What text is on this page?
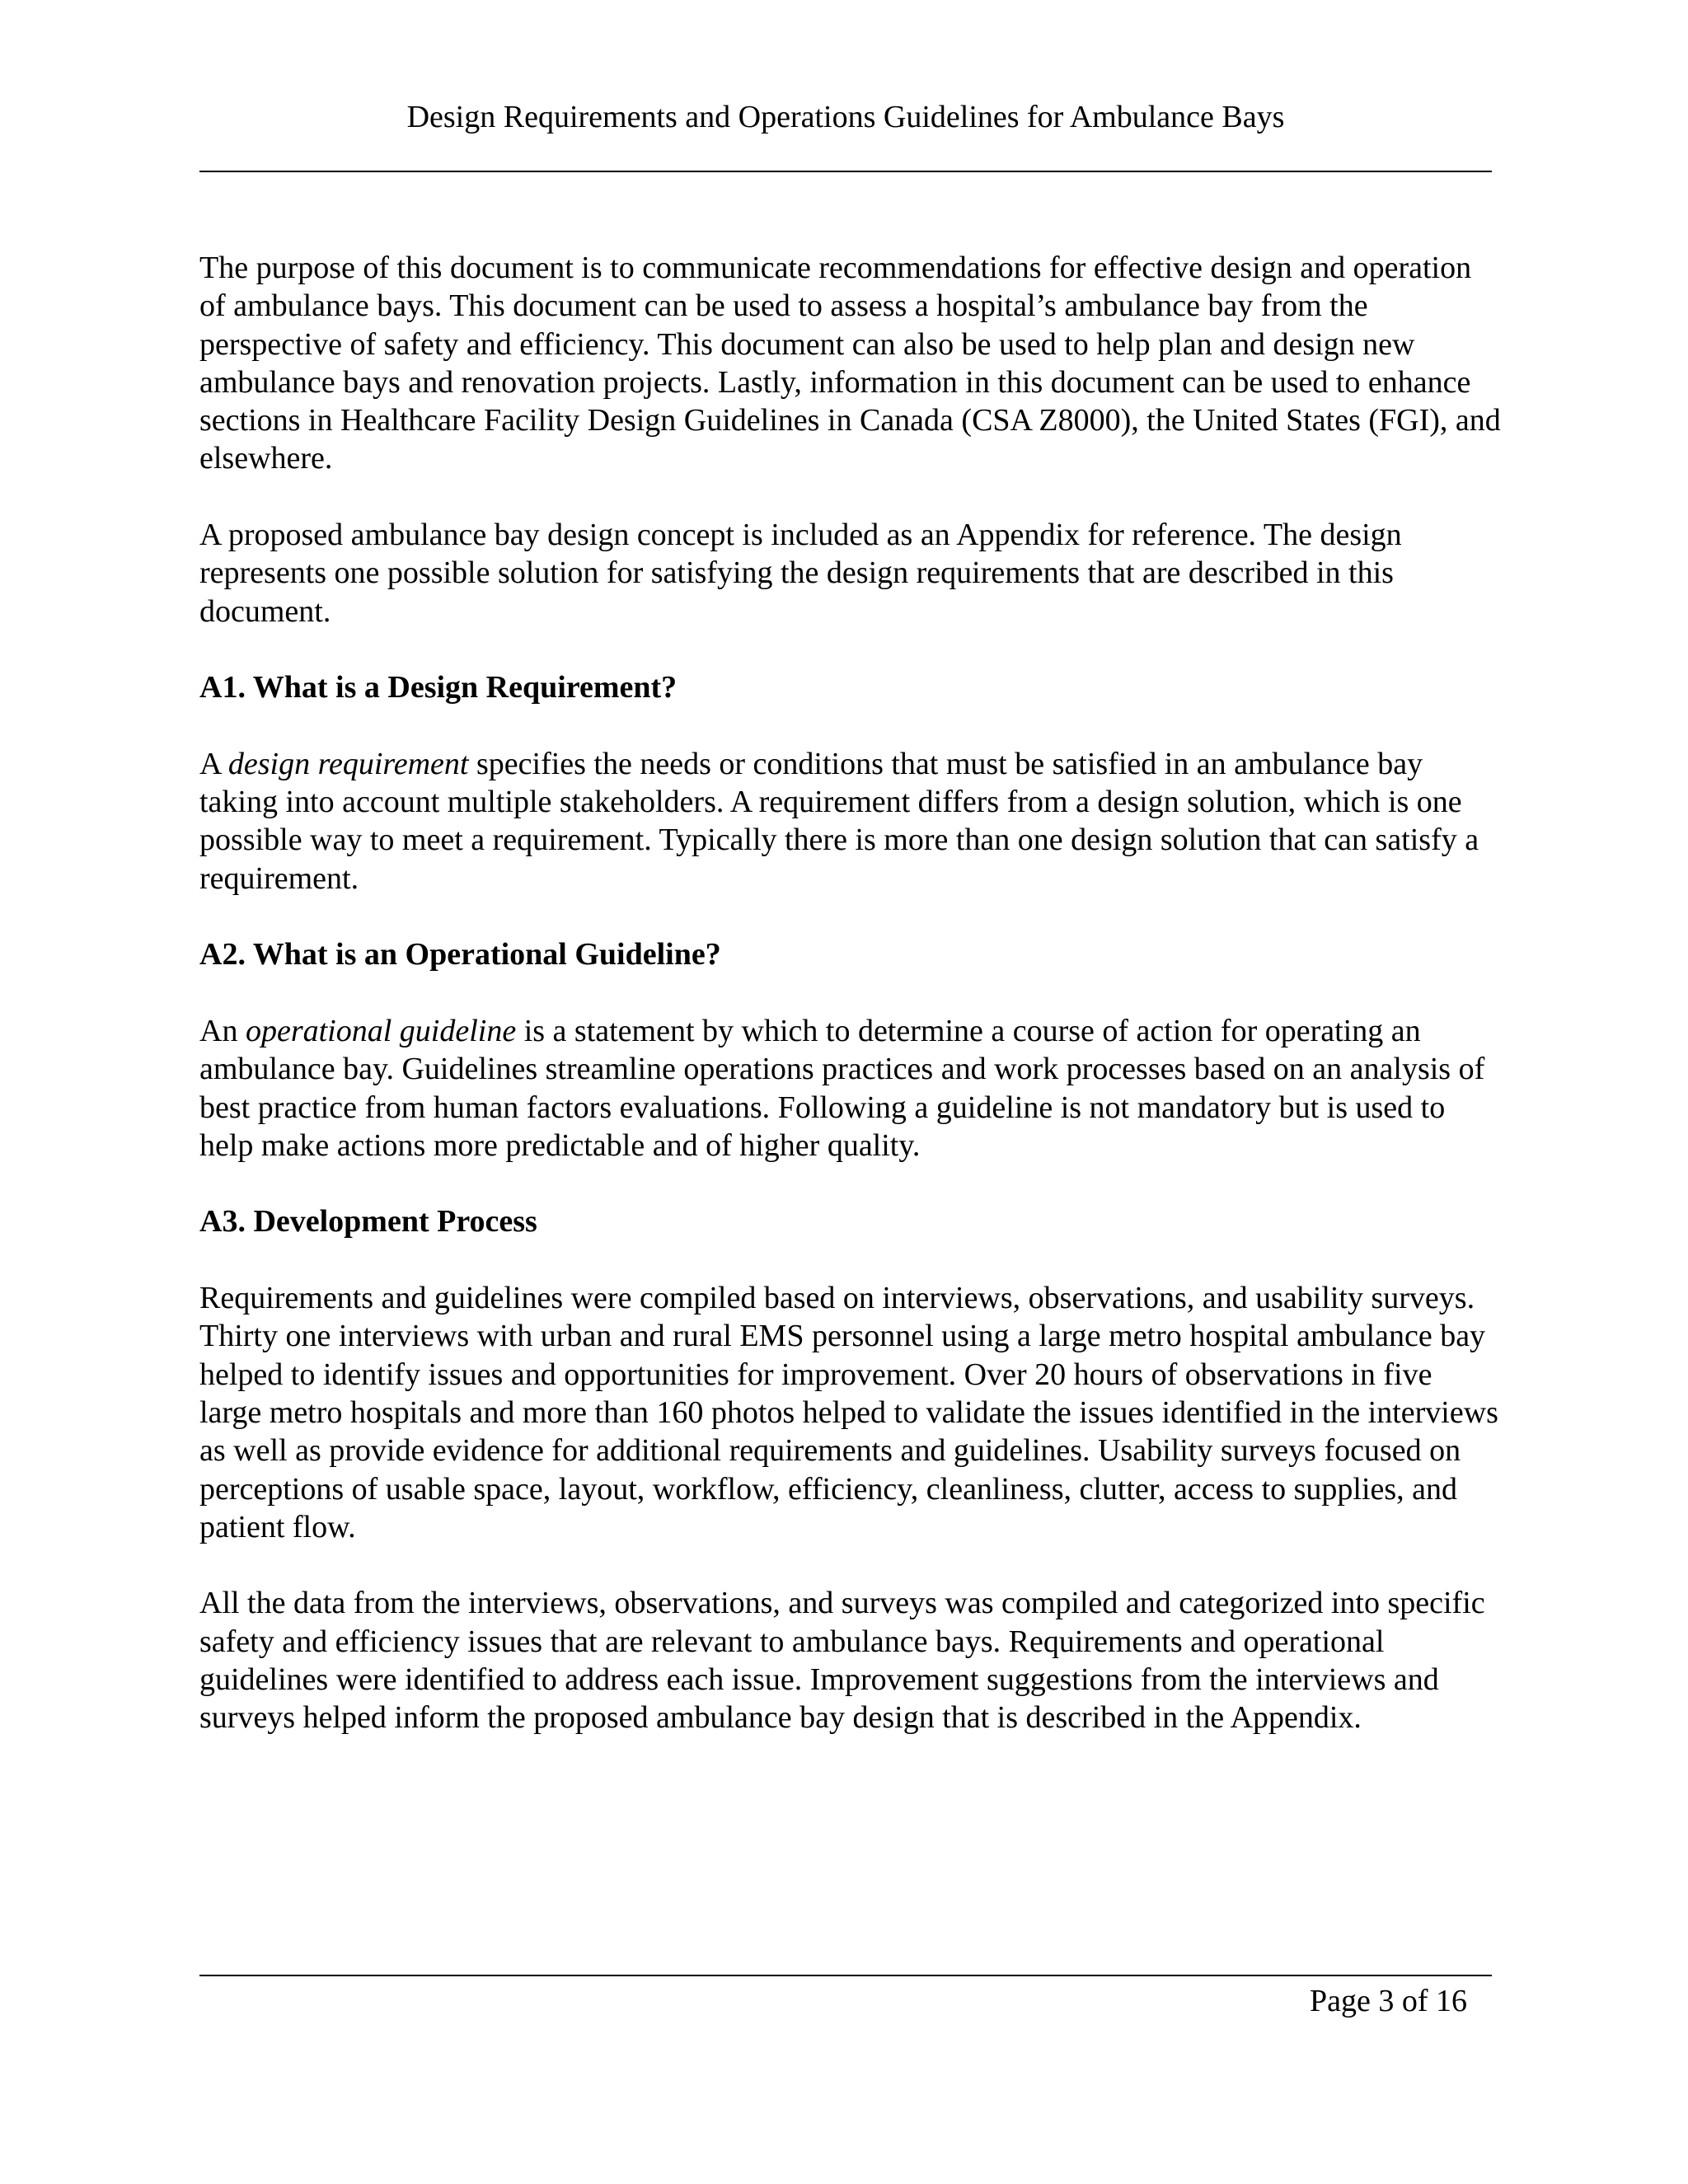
Design Requirements and Operations Guidelines for Ambulance Bays

The purpose of this document is to communicate recommendations for effective design and operation of ambulance bays. This document can be used to assess a hospital’s ambulance bay from the perspective of safety and efficiency. This document can also be used to help plan and design new ambulance bays and renovation projects. Lastly, information in this document can be used to enhance sections in Healthcare Facility Design Guidelines in Canada (CSA Z8000), the United States (FGI), and elsewhere.

A proposed ambulance bay design concept is included as an Appendix for reference. The design represents one possible solution for satisfying the design requirements that are described in this document.

A1. What is a Design Requirement?

A design requirement specifies the needs or conditions that must be satisfied in an ambulance bay taking into account multiple stakeholders. A requirement differs from a design solution, which is one possible way to meet a requirement. Typically there is more than one design solution that can satisfy a requirement.

A2. What is an Operational Guideline?

An operational guideline is a statement by which to determine a course of action for operating an ambulance bay. Guidelines streamline operations practices and work processes based on an analysis of best practice from human factors evaluations. Following a guideline is not mandatory but is used to help make actions more predictable and of higher quality.

A3. Development Process

Requirements and guidelines were compiled based on interviews, observations, and usability surveys. Thirty one interviews with urban and rural EMS personnel using a large metro hospital ambulance bay helped to identify issues and opportunities for improvement. Over 20 hours of observations in five large metro hospitals and more than 160 photos helped to validate the issues identified in the interviews as well as provide evidence for additional requirements and guidelines. Usability surveys focused on perceptions of usable space, layout, workflow, efficiency, cleanliness, clutter, access to supplies, and patient flow.

All the data from the interviews, observations, and surveys was compiled and categorized into specific safety and efficiency issues that are relevant to ambulance bays. Requirements and operational guidelines were identified to address each issue. Improvement suggestions from the interviews and surveys helped inform the proposed ambulance bay design that is described in the Appendix.

Page 3 of 16
